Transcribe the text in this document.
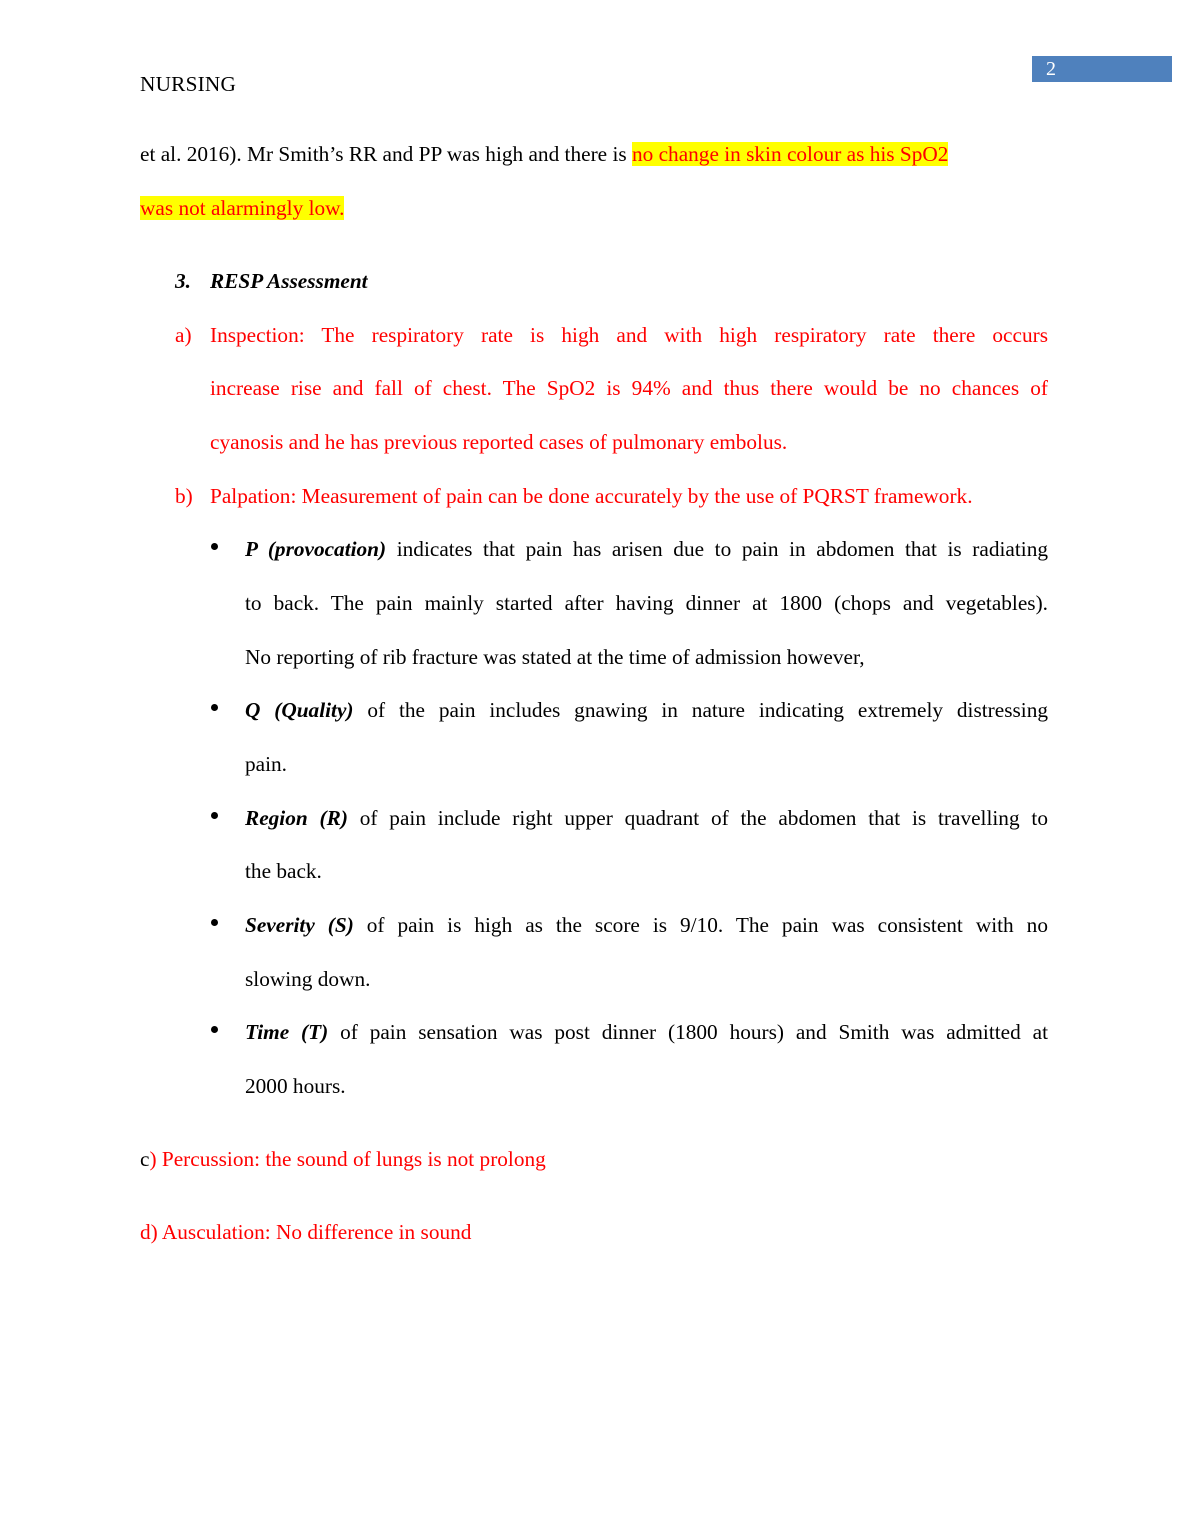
NURSING
2
et al. 2016). Mr Smith’s RR and PP was high and there is no change in skin colour as his SpO2
was not alarmingly low.
3. RESP Assessment
a) Inspection: The respiratory rate is high and with high respiratory rate there occurs
increase rise and fall of chest. The SpO2 is 94% and thus there would be no chances of
cyanosis and he has previous reported cases of pulmonary embolus.
b) Palpation: Measurement of pain can be done accurately by the use of PQRST framework.
P (provocation) indicates that pain has arisen due to pain in abdomen that is radiating
to back. The pain mainly started after having dinner at 1800 (chops and vegetables).
No reporting of rib fracture was stated at the time of admission however,
Q (Quality) of the pain includes gnawing in nature indicating extremely distressing
pain.
Region (R) of pain include right upper quadrant of the abdomen that is travelling to
the back.
Severity (S) of pain is high as the score is 9/10. The pain was consistent with no
slowing down.
Time (T) of pain sensation was post dinner (1800 hours) and Smith was admitted at
2000 hours.
c) Percussion: the sound of lungs is not prolong
d) Ausculation: No difference in sound
